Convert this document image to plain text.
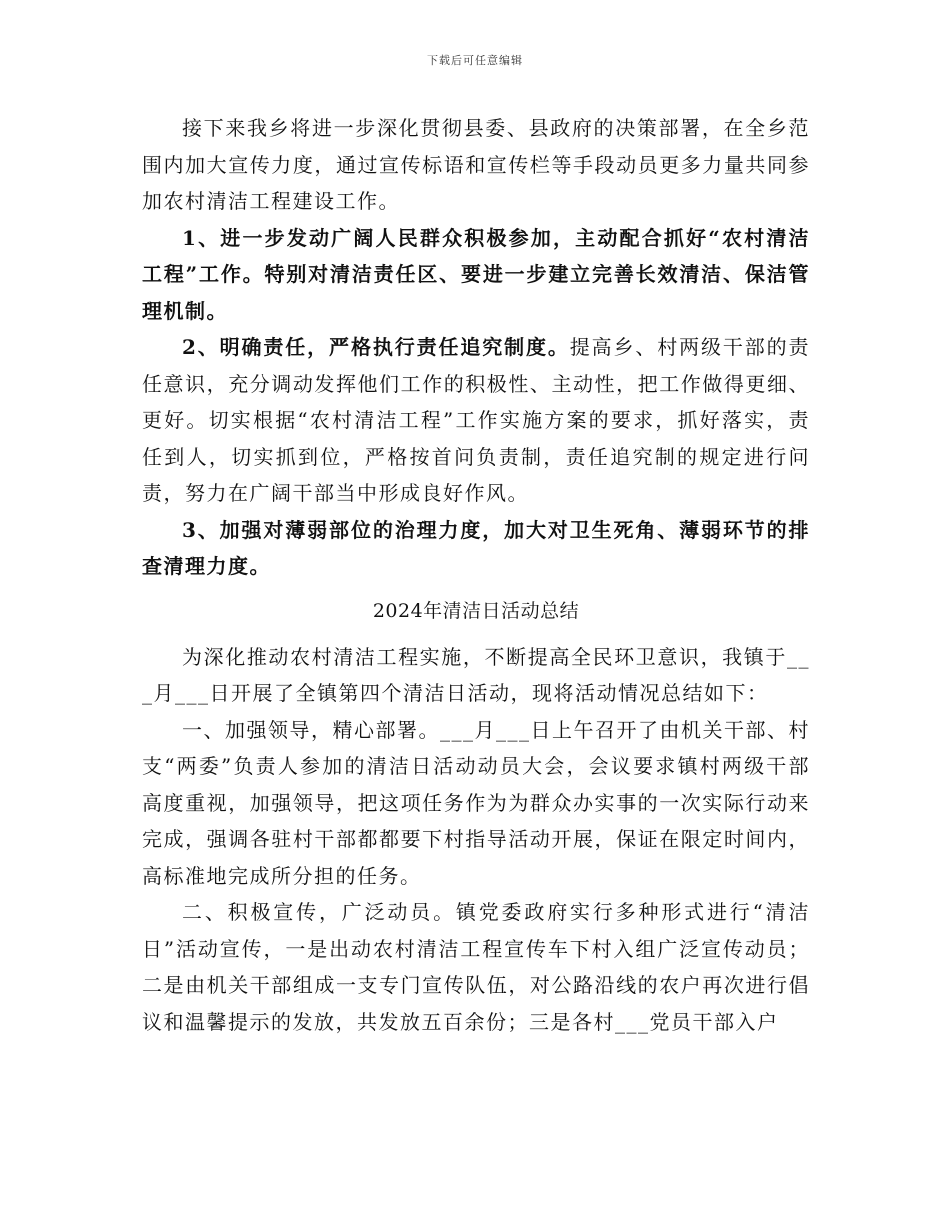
下载后可任意编辑

接下来我乡将进一步深化贯彻县委、县政府的决策部署，在全乡范围内加大宣传力度，通过宣传标语和宣传栏等手段动员更多力量共同参加农村清洁工程建设工作。

1、进一步发动广阔人民群众积极参加，主动配合抓好“农村清洁工程”工作。特别对清洁责任区、要进一步建立完善长效清洁、保洁管理机制。

2、明确责任，严格执行责任追究制度。提高乡、村两级干部的责任意识，充分调动发挥他们工作的积极性、主动性，把工作做得更细、更好。切实根据“农村清洁工程”工作实施方案的要求，抓好落实，责任到人，切实抓到位，严格按首问负责制，责任追究制的规定进行问责，努力在广阔干部当中形成良好作风。

3、加强对薄弱部位的治理力度，加大对卫生死角、薄弱环节的排查清理力度。

2024年清洁日活动总结

为深化推动农村清洁工程实施，不断提高全民环卫意识，我镇于___月___日开展了全镇第四个清洁日活动，现将活动情况总结如下：

一、加强领导，精心部署。___月___日上午召开了由机关干部、村支“两委”负责人参加的清洁日活动动员大会，会议要求镇村两级干部高度重视，加强领导，把这项任务作为为群众办实事的一次实际行动来完成，强调各驻村干部都都要下村指导活动开展，保证在限定时间内，高标准地完成所分担的任务。

二、积极宣传，广泛动员。镇党委政府实行多种形式进行“清洁日”活动宣传，一是出动农村清洁工程宣传车下村入组广泛宣传动员；二是由机关干部组成一支专门宣传队伍，对公路沿线的农户再次进行倡议和温馨提示的发放，共发放五百余份；三是各村___党员干部入户
